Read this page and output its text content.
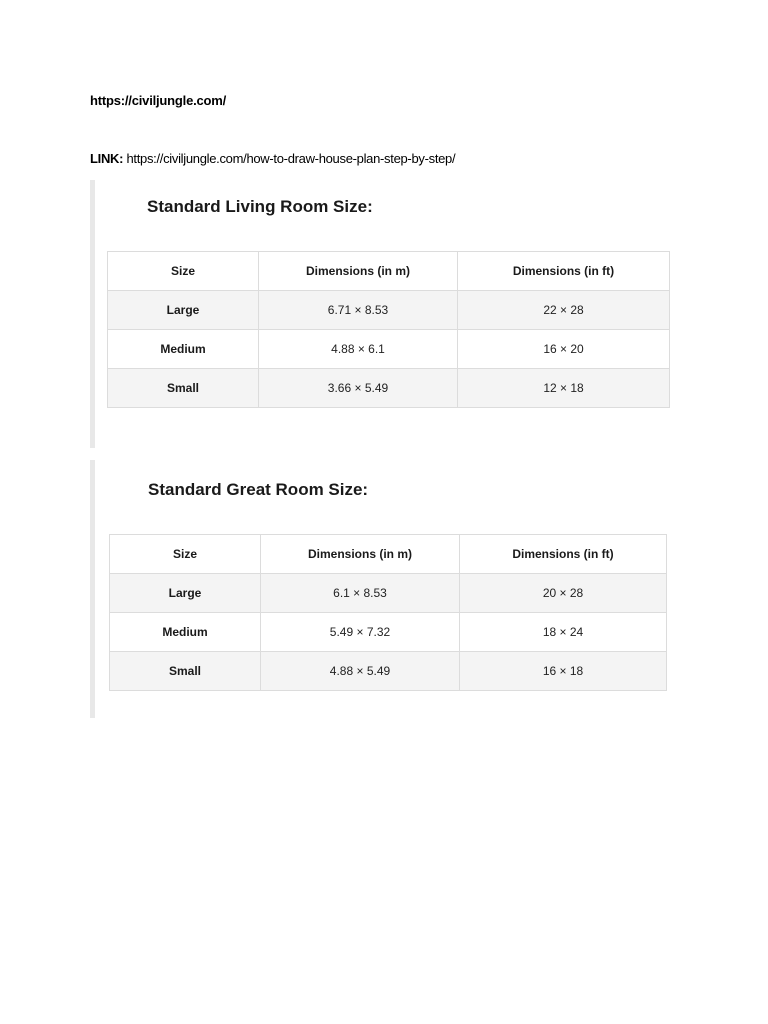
https://civiljungle.com/

LINK: https://civiljungle.com/how-to-draw-house-plan-step-by-step/

Standard Living Room Size:
Size	Dimensions (in m)	Dimensions (in ft)
Large	6.71 × 8.53	22 × 28
Medium	4.88 × 6.1	16 × 20
Small	3.66 × 5.49	12 × 18
Standard Great Room Size:
Size	Dimensions (in m)	Dimensions (in ft)
Large	6.1 × 8.53	20 × 28
Medium	5.49 × 7.32	18 × 24
Small	4.88 × 5.49	16 × 18
